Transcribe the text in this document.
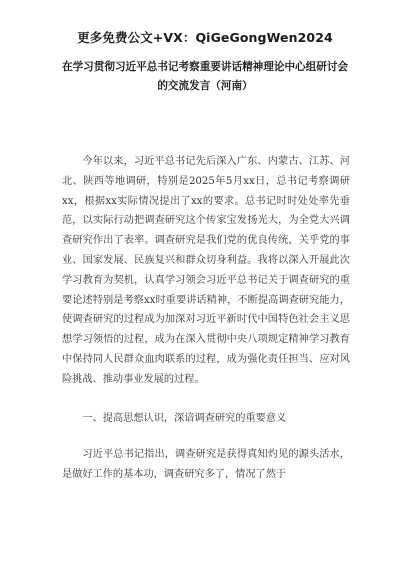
更多免费公文+VX：QiGeGongWen2024
在学习贯彻习近平总书记考察重要讲话精神理论中心组研讨会的交流发言（河南）

今年以来，习近平总书记先后深入广东、内蒙古、江苏、河北、陕西等地调研，特别是2025年5月xx日，总书记考察调研xx，根据xx实际情况提出了xx的要求。总书记时时处处率先垂范，以实际行动把调查研究这个传家宝发扬光大，为全党大兴调查研究作出了表率。调查研究是我们党的优良传统，关乎党的事业、国家发展、民族复兴和群众切身利益。我将以深入开展此次学习教育为契机，认真学习领会习近平总书记关于调查研究的重要论述特别是考察xx时重要讲话精神，不断提高调查研究能力，使调查研究的过程成为加深对习近平新时代中国特色社会主义思想学习领悟的过程，成为在深入贯彻中央八项规定精神学习教育中保持同人民群众血肉联系的过程，成为强化责任担当、应对风险挑战、推动事业发展的过程。

一、提高思想认识，深谙调查研究的重要意义

习近平总书记指出，调查研究是获得真知灼见的源头活水，是做好工作的基本功，调查研究多了，情况了然于
